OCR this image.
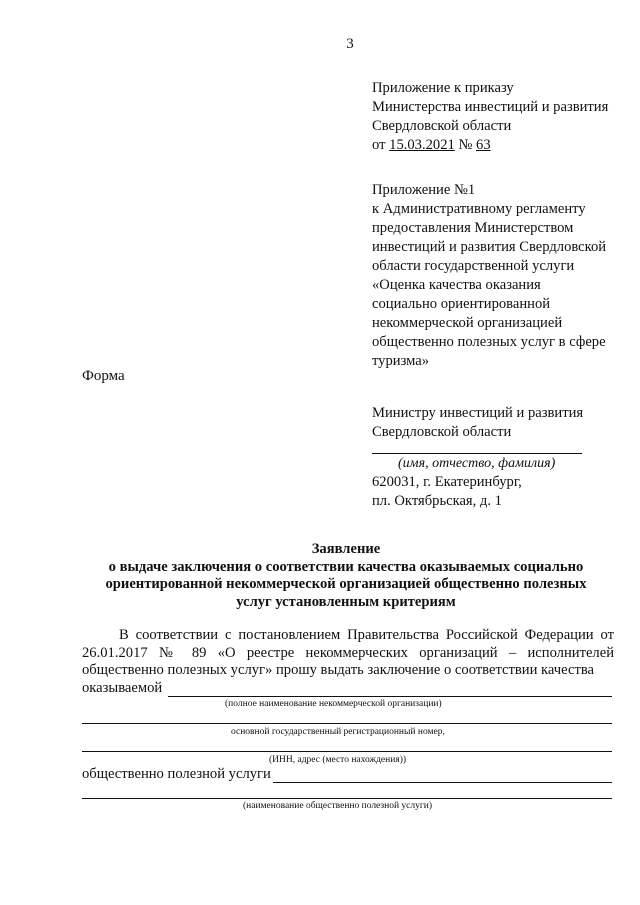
3
Приложение к приказу
Министерства инвестиций и развития
Свердловской области
от 15.03.2021 № 63
Приложение №1
к Административному регламенту
предоставления Министерством
инвестиций и развития Свердловской
области государственной услуги
«Оценка качества оказания
социально ориентированной
некоммерческой организацией
общественно полезных услуг в сфере
туризма»
Форма
Министру инвестиций и развития
Свердловской области
(имя, отчество, фамилия)
620031, г. Екатеринбург,
пл. Октябрьская, д. 1
Заявление
о выдаче заключения о соответствии качества оказываемых социально
ориентированной некоммерческой организацией общественно полезных
услуг установленным критериям
В соответствии с постановлением Правительства Российской Федерации от 26.01.2017 № 89 «О реестре некоммерческих организаций – исполнителей общественно полезных услуг» прошу выдать заключение о соответствии качества
оказываемой
(полное наименование некоммерческой организации)
основной государственный регистрационный номер,
(ИНН, адрес (место нахождения))
общественно полезной услуги
(наименование общественно полезной услуги)
